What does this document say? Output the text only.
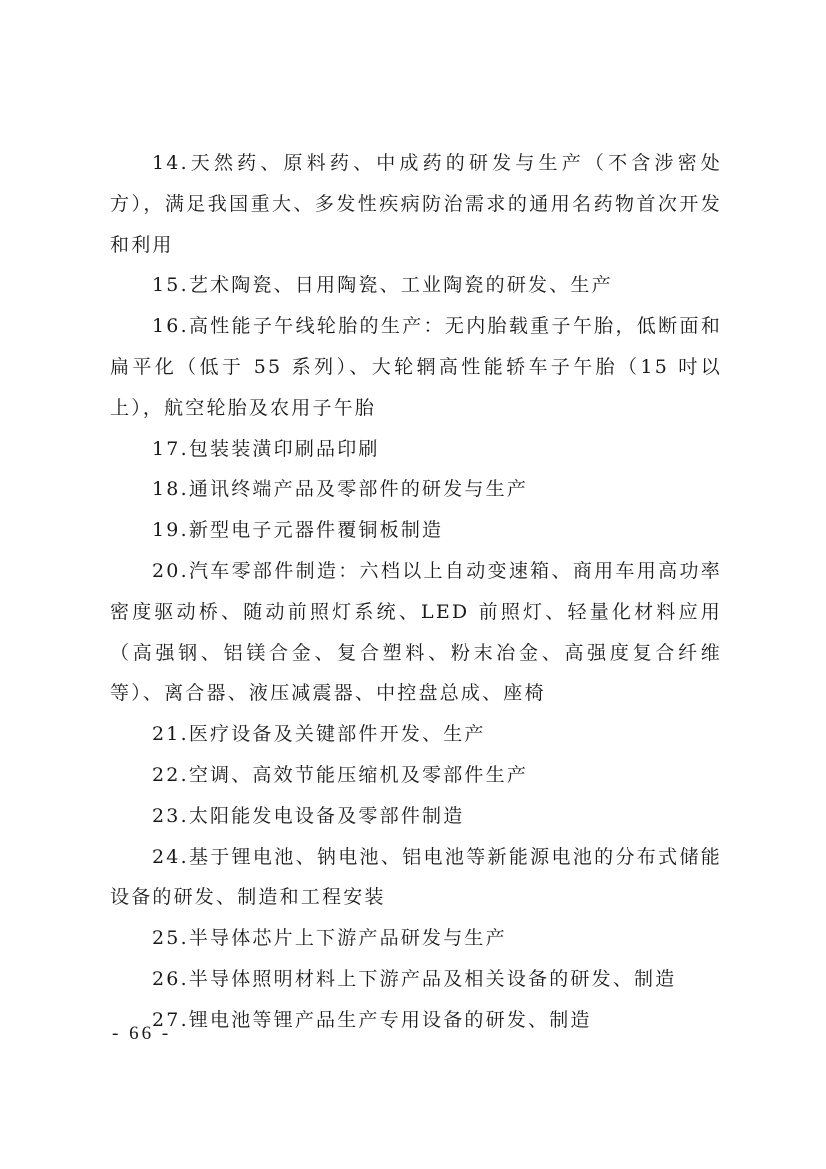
14.天然药、原料药、中成药的研发与生产（不含涉密处方），满足我国重大、多发性疾病防治需求的通用名药物首次开发和利用

15.艺术陶瓷、日用陶瓷、工业陶瓷的研发、生产

16.高性能子午线轮胎的生产：无内胎载重子午胎，低断面和扁平化（低于 55 系列）、大轮辋高性能轿车子午胎（15 吋以上），航空轮胎及农用子午胎

17.包装装潢印刷品印刷

18.通讯终端产品及零部件的研发与生产

19.新型电子元器件覆铜板制造

20.汽车零部件制造：六档以上自动变速箱、商用车用高功率密度驱动桥、随动前照灯系统、LED 前照灯、轻量化材料应用（高强钢、铝镁合金、复合塑料、粉末冶金、高强度复合纤维等）、离合器、液压减震器、中控盘总成、座椅

21.医疗设备及关键部件开发、生产

22.空调、高效节能压缩机及零部件生产

23.太阳能发电设备及零部件制造

24.基于锂电池、钠电池、铝电池等新能源电池的分布式储能设备的研发、制造和工程安装

25.半导体芯片上下游产品研发与生产

26.半导体照明材料上下游产品及相关设备的研发、制造

27.锂电池等锂产品生产专用设备的研发、制造

- 66 -
